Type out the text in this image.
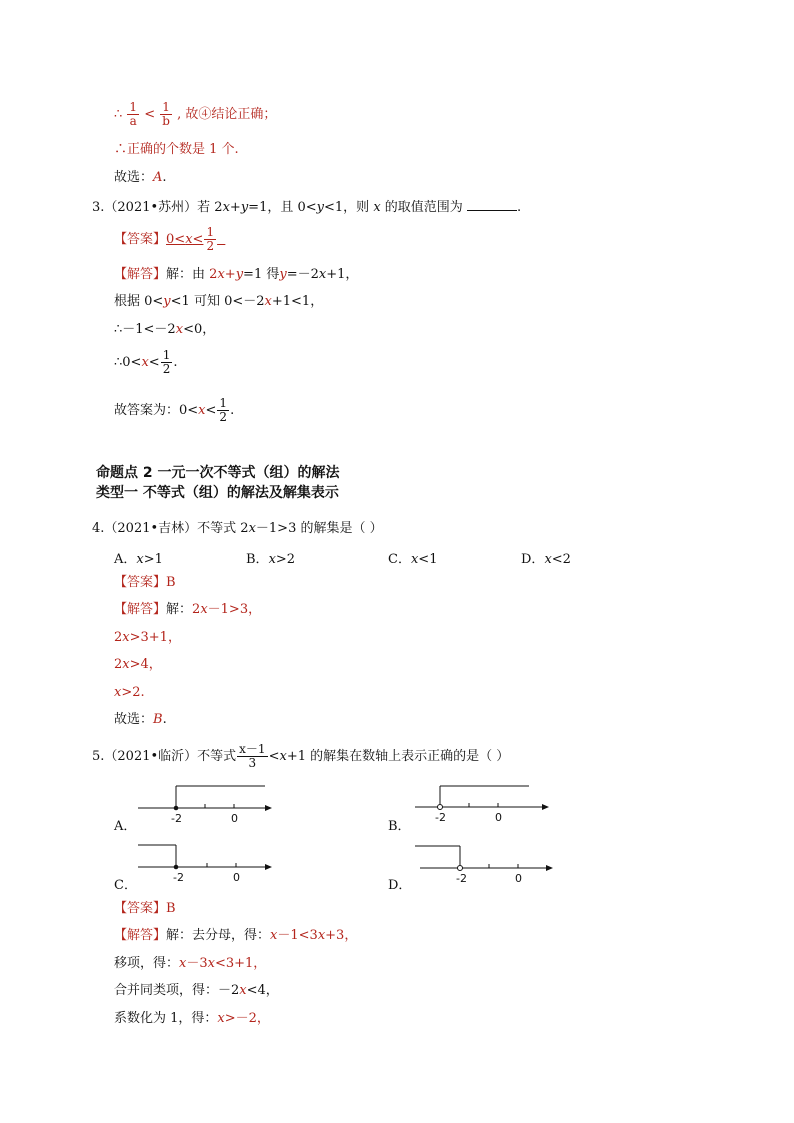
∴ $\frac{1}{a} < \frac{1}{b}$ , 故④结论正确；
∴正确的个数是 1 个.
故选：A.
3.（2021•苏州）若 2x+y=1，且 0<y<1，则 x 的取值范围为	.
【答案】$0<x< \frac{1}{2}$

【解答】解：由 2x+y=1 得y=－2x+1，
根据 0<y<1 可知 0<－2x+1<1，
∴－1<－2x<0，
∴0<x< $\frac{1}{2}$ .
故答案为：$0<x< \frac{1}{2}$ .
命题点 2 一元一次不等式（组）的解法
类型一 不等式（组）的解法及解集表示
4.（2021•吉林）不等式 2x－1>3 的解集是（ ）
A．x>1	B．x>2	C．x<1	D．x<2
【答案】B
【解答】解：2x－1>3，
2x>3+1，
2x>4，
x>2.
故选：B.
5.（2021•临沂）不等式 $\frac{x-1}{3} <x+1$ 的解集在数轴上表示正确的是（ ）
A．
-2	0
B．
-2	0
C．
-2	0
D．	-2	0
【答案】B
【解答】解：去分母，得：x－1<3x+3，
移项，得：x－3x<3+1，
合并同类项，得：－2x<4，
系数化为 1，得：x>－2，
